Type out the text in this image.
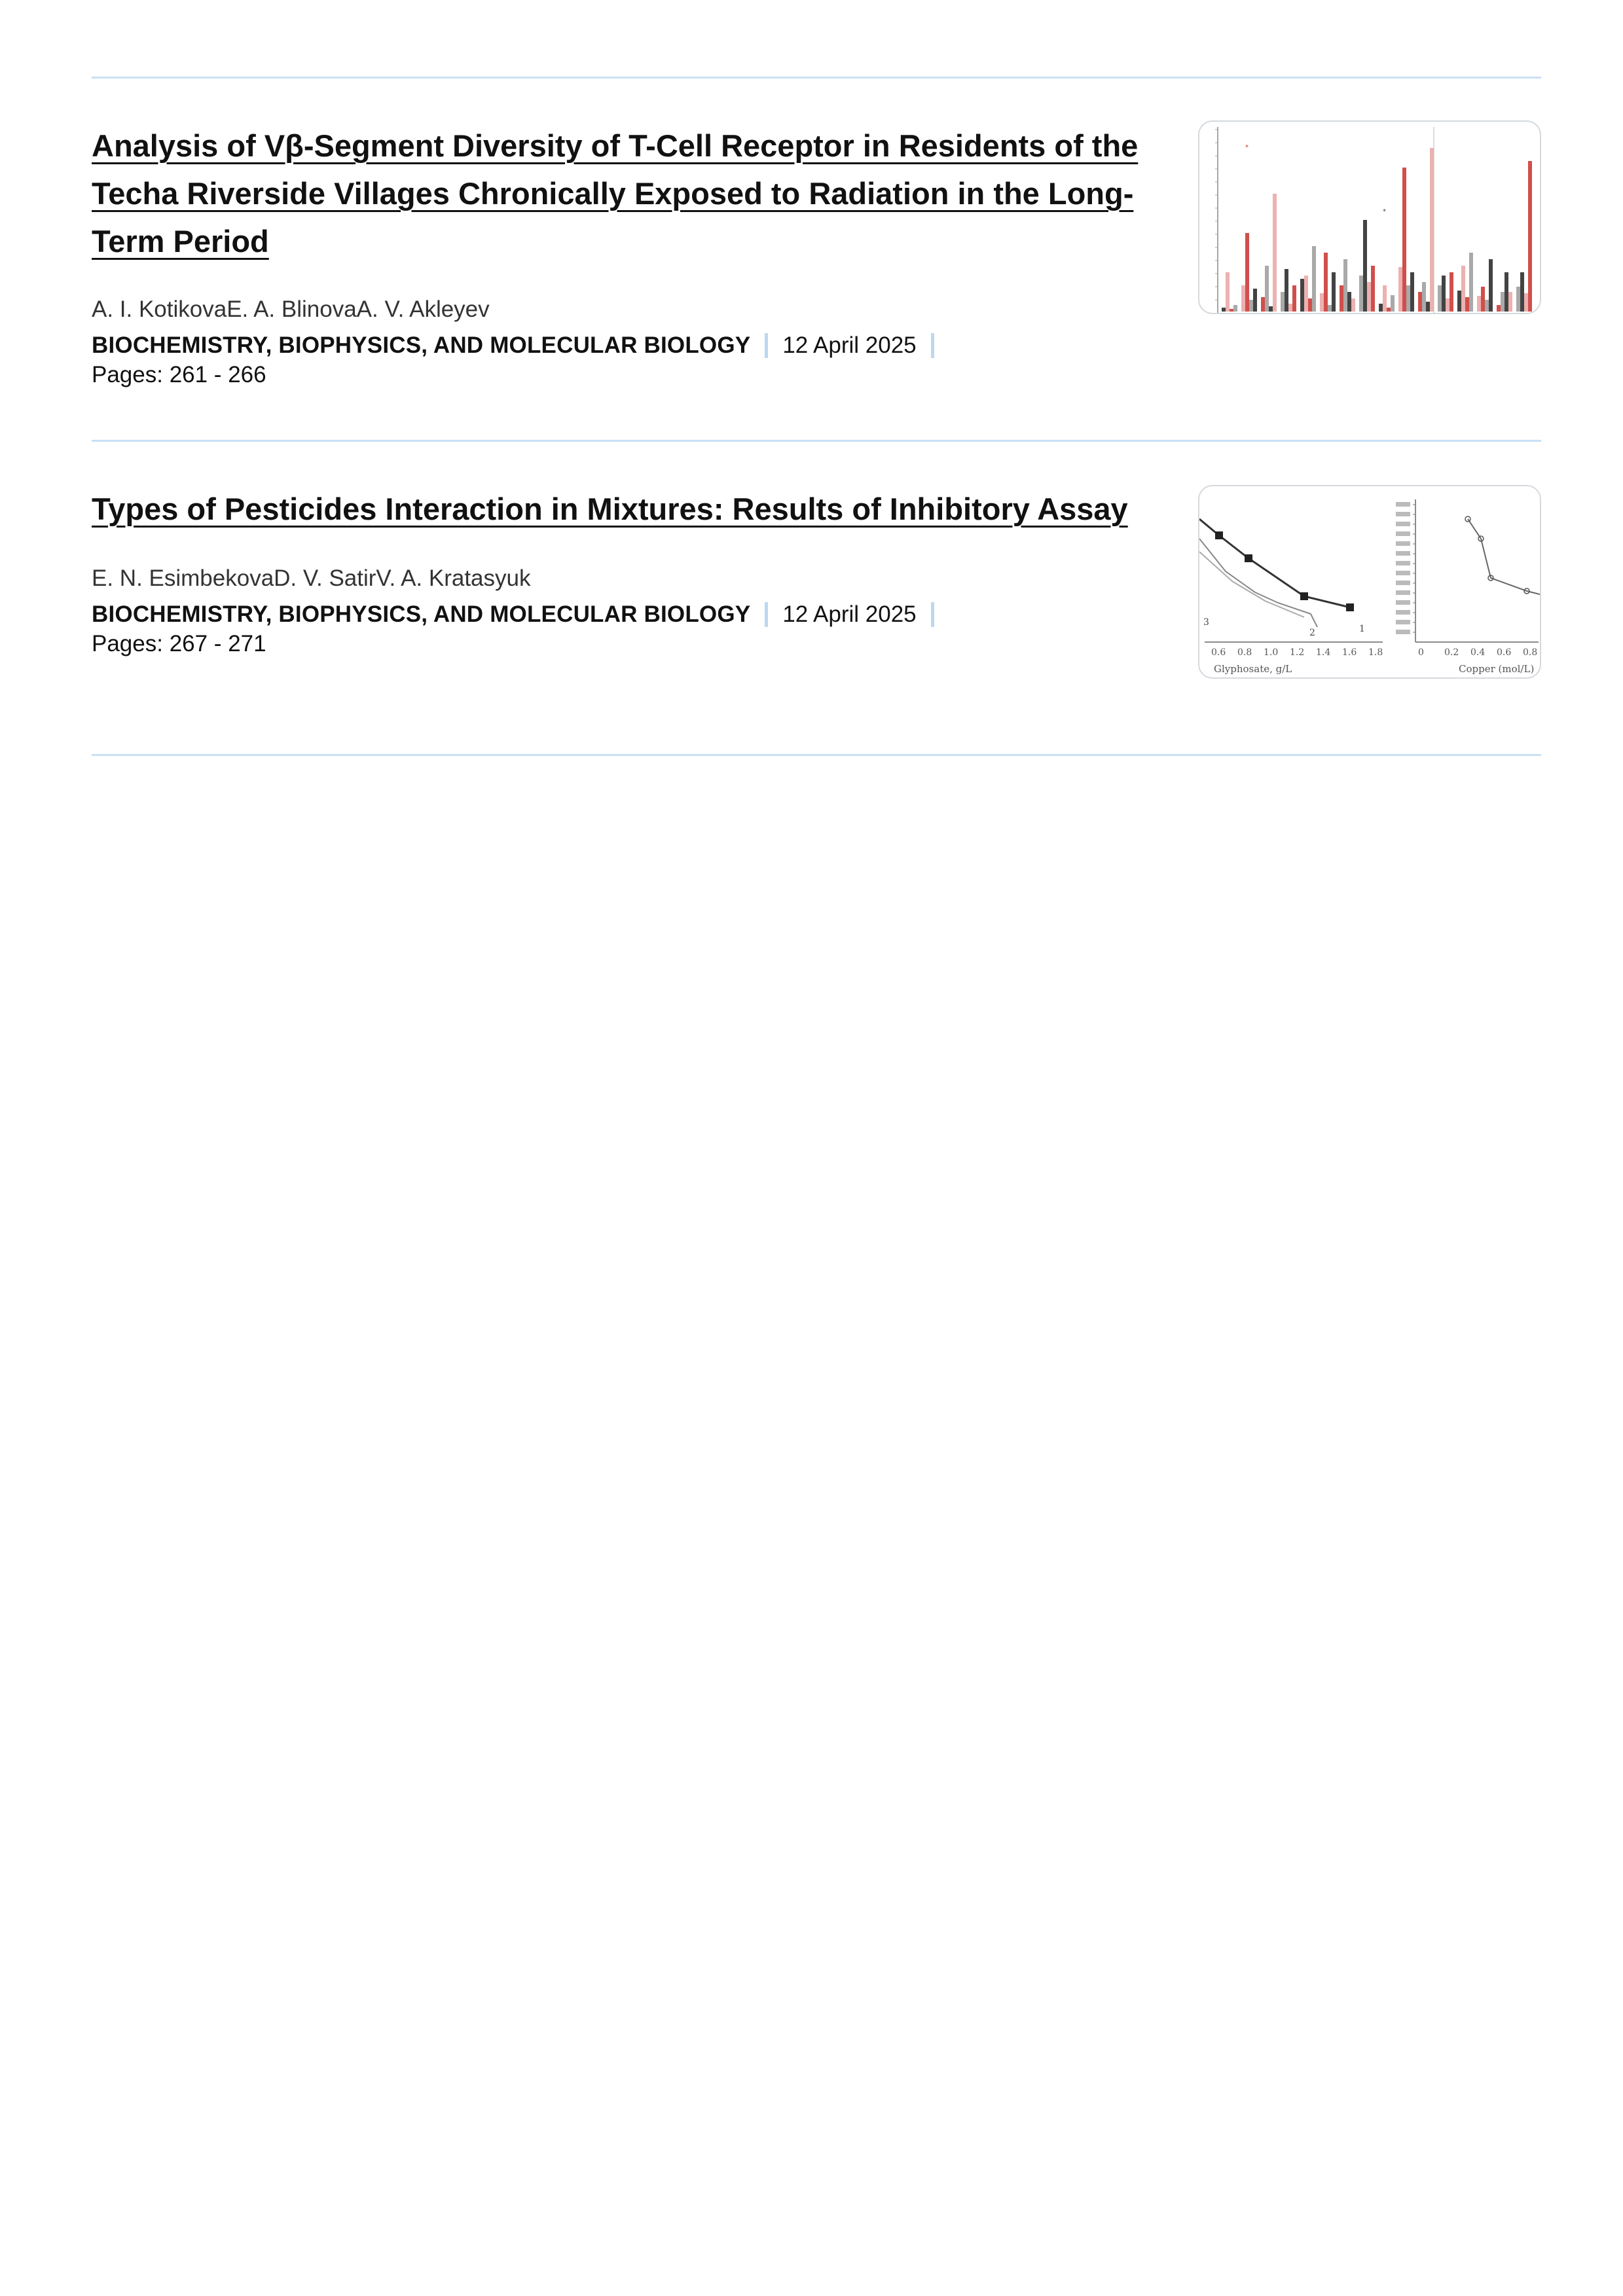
Analysis of Vβ-Segment Diversity of T-Cell Receptor in Residents of the Techa Riverside Villages Chronically Exposed to Radiation in the Long-Term Period
A. I. KotikovaE. A. BlinovaA. V. Akleyev
BIOCHEMISTRY, BIOPHYSICS, AND MOLECULAR BIOLOGY 12 April 2025
Pages: 261 - 266
*
*
Types of Pesticides Interaction in Mixtures: Results of Inhibitory Assay
E. N. EsimbekovaD. V. SatirV. A. Kratasyuk
BIOCHEMISTRY, BIOPHYSICS, AND MOLECULAR BIOLOGY 12 April 2025
Pages: 267 - 271	0.6 0.8 1.0 1.2 1.4 1.6 1.8
Glyphosate, g/L
1
2
3
0 0.2 0.4 0.6 0.8
Copper (mol/L)
